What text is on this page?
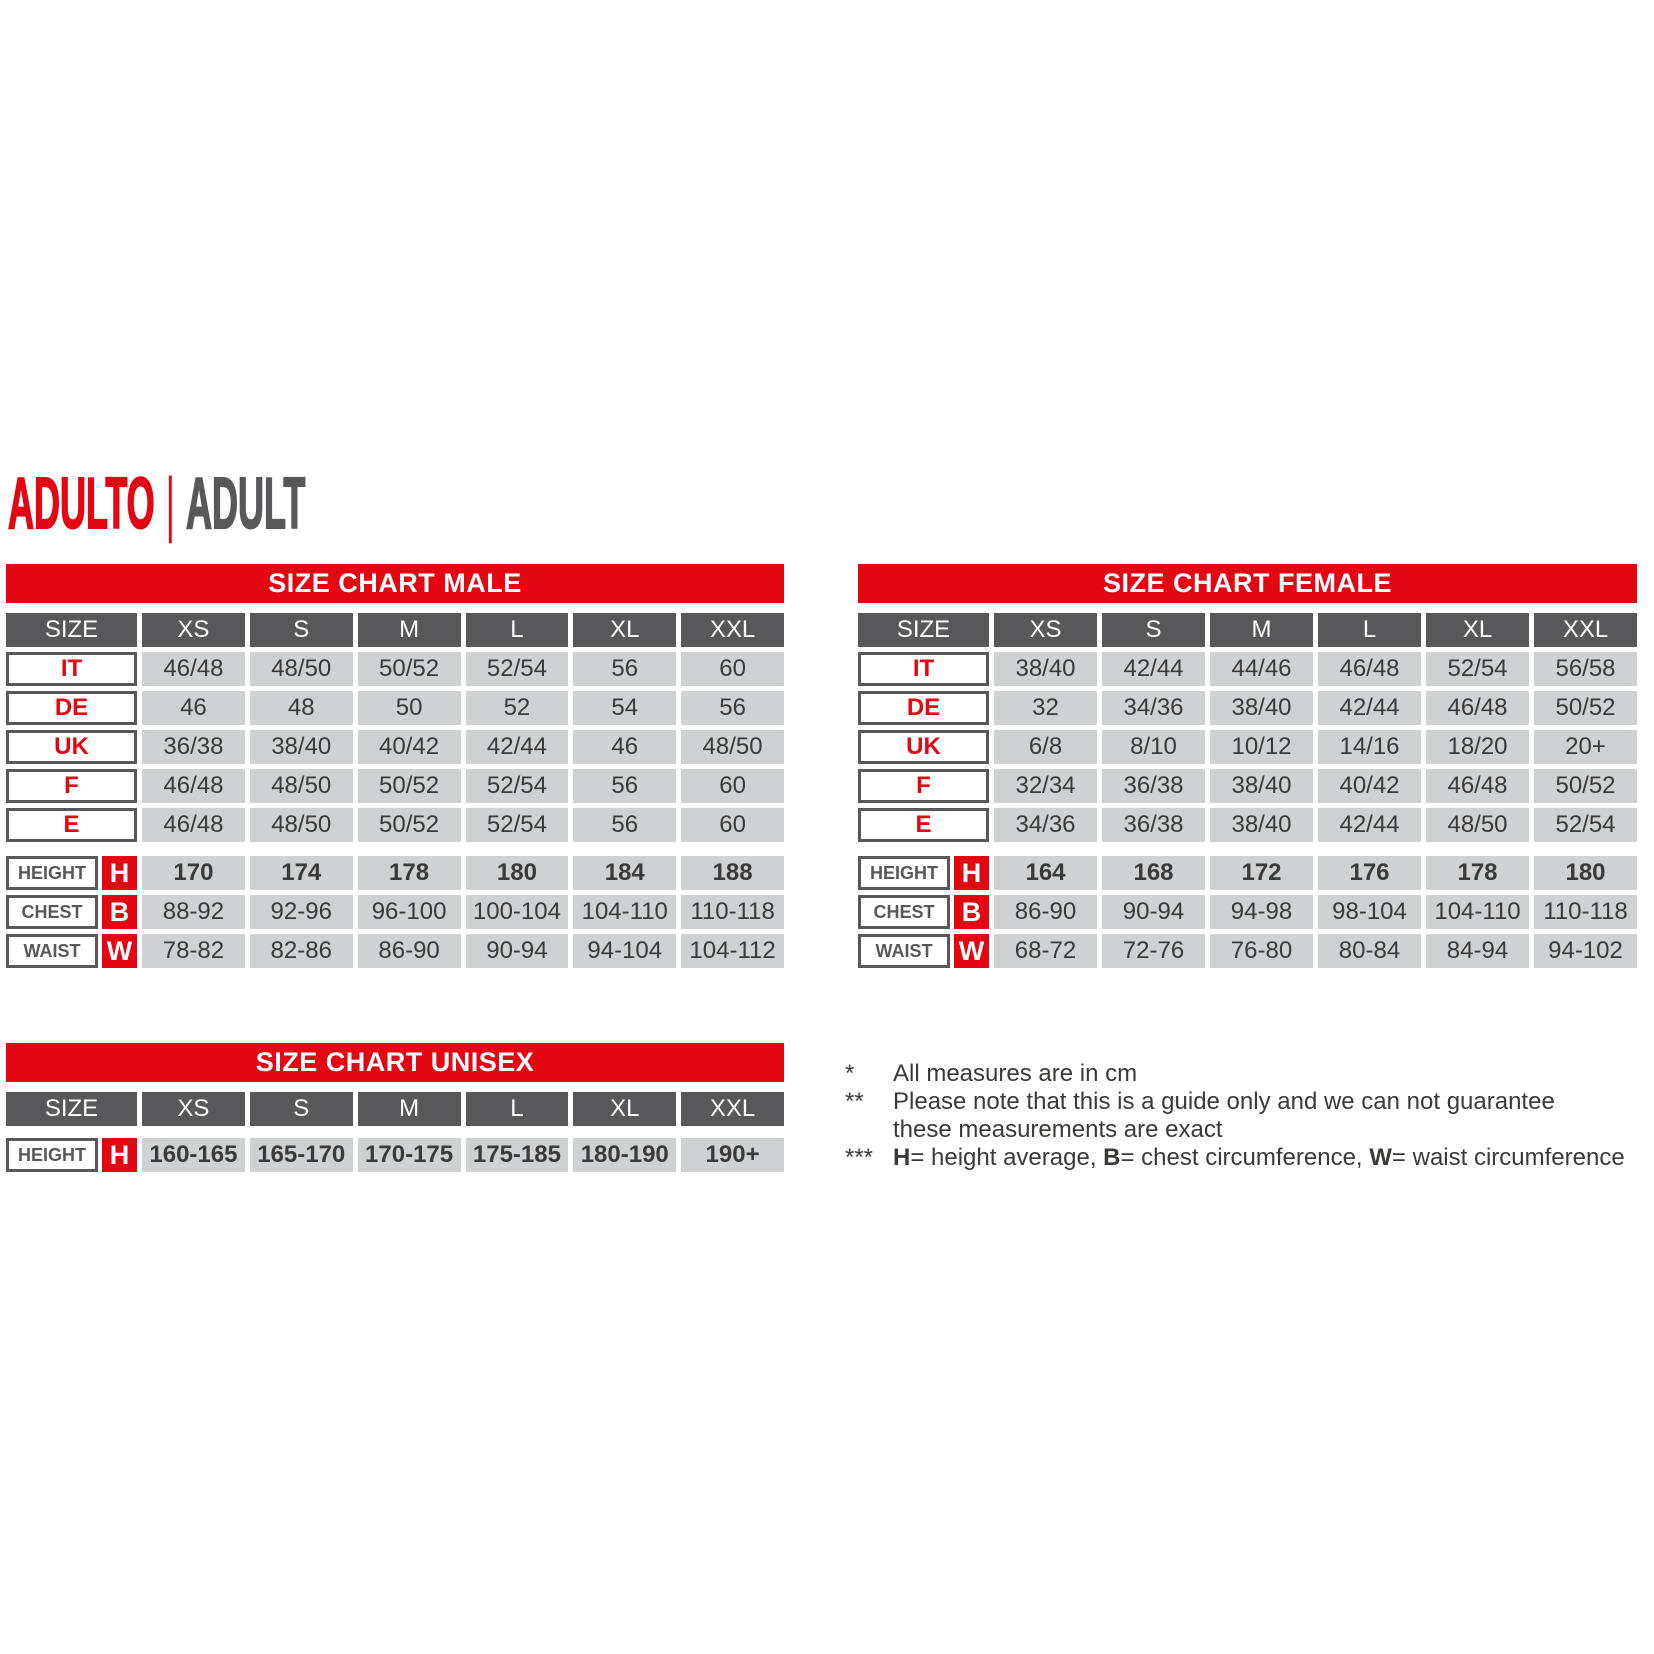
ADULTO | ADULT
SIZE CHART MALE
SIZE	XS	S	M	L	XL	XXL
IT	46/48	48/50	50/52	52/54	56	60
DE	46	48	50	52	54	56
UK	36/38	38/40	40/42	42/44	46	48/50
F	46/48	48/50	50/52	52/54	56	60
E	46/48	48/50	50/52	52/54	56	60
HEIGHT H	170	174	178	180	184	188
CHEST	B	88-92	92-96	96-100	100-104 104-110 110-118
WAIST W	78-82	82-86	86-90	90-94	94-104	104-112
SIZE CHART FEMALE
SIZE	XS	S	M	L	XL	XXL
IT	38/40	42/44	44/46	46/48	52/54	56/58
DE	32	34/36	38/40	42/44	46/48	50/52
UK	6/8	8/10	10/12	14/16	18/20	20+
F	32/34	36/38	38/40	40/42	46/48	50/52
E	34/36	36/38	38/40	42/44	48/50	52/54
HEIGHT H	164	168	172	176	178	180
CHEST	B	86-90	90-94	94-98	98-104	104-110 110-118
WAIST W	68-72	72-76	76-80	80-84	84-94	94-102
SIZE CHART UNISEX
SIZE	XS	S	M	L	XL	XXL
HEIGHT H 160-165 165-170 170-175 175-185 180-190	190+
*	All measures are in cm
**	Please note that this is a guide only and we can not guarantee these measurements are exact
*** H= height average, B= chest circumference, W= waist circumference
